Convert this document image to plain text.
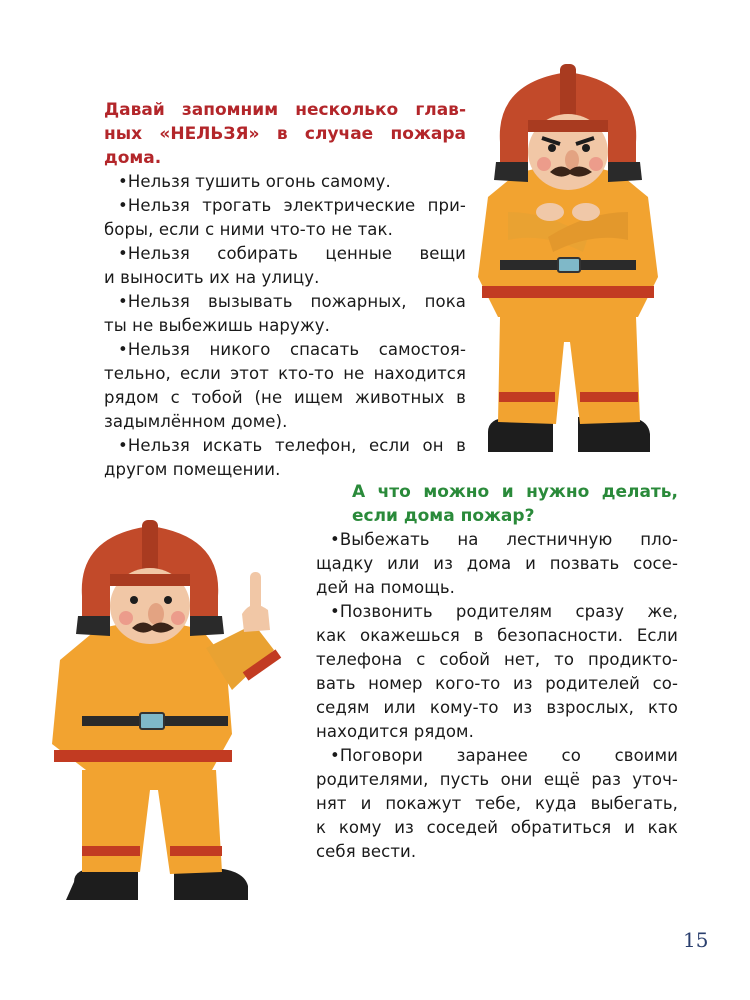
Давай запомним несколько глав-
ных «НЕЛЬЗЯ» в случае пожара дома.

•Нельзя тушить огонь самому.

•Нельзя трогать электрические при-
боры, если с ними что-то не так.

•Нельзя собирать ценные вещи
и выносить их на улицу.

•Нельзя вызывать пожарных, пока
ты не выбежишь наружу.

•Нельзя никого спасать самостоя-
тельно, если этот кто-то не находится
рядом с тобой (не ищем животных в
задымлённом доме).

•Нельзя искать телефон, если он в
другом помещении.

А что можно и нужно делать,
если дома пожар?

•Выбежать на лестничную пло-
щадку или из дома и позвать сосе-
дей на помощь.

•Позвонить родителям сразу же,
как окажешься в безопасности. Если
телефона с собой нет, то продикто-
вать номер кого-то из родителей со-
седям или кому-то из взрослых, кто
находится рядом.

•Поговори заранее со своими
родителями, пусть они ещё раз уточ-
нят и покажут тебе, куда выбегать,
к кому из соседей обратиться и как
себя вести.

15
